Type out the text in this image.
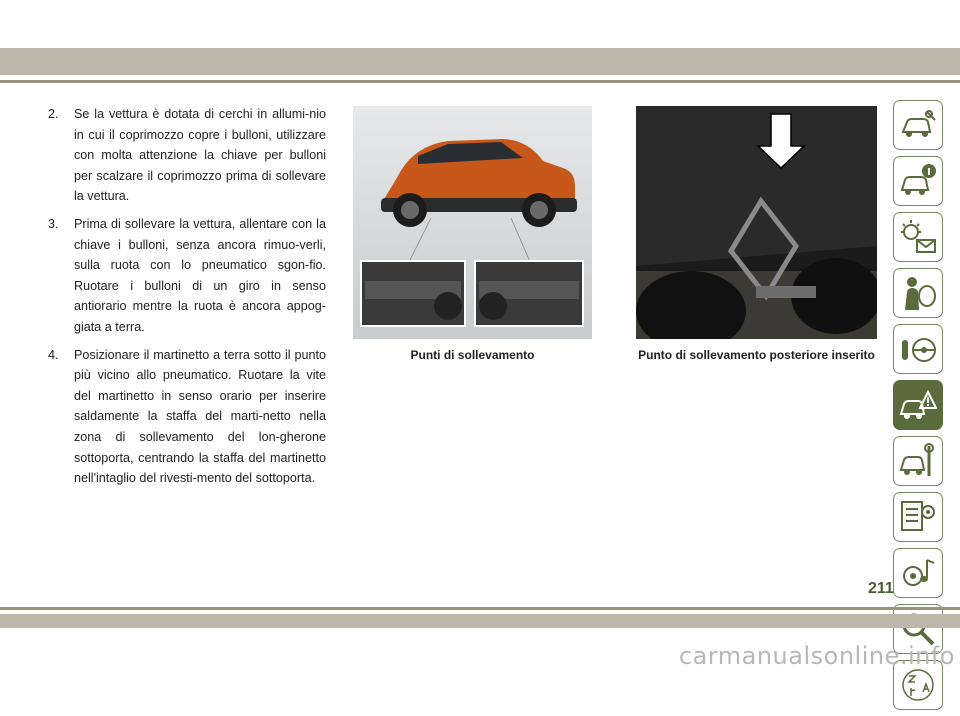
2.	Se la vettura è dotata di cerchi in allumi-nio in cui il coprimozzo copre i bulloni, utilizzare con molta attenzione la chiave per bulloni per scalzare il coprimozzo prima di sollevare la vettura.
3.	Prima di sollevare la vettura, allentare con la chiave i bulloni, senza ancora rimuo-verli, sulla ruota con lo pneumatico sgon-fio. Ruotare i bulloni di un giro in senso antiorario mentre la ruota è ancora appog-giata a terra.
4.	Posizionare il martinetto a terra sotto il punto più vicino allo pneumatico. Ruotare la vite del martinetto in senso orario per inserire saldamente la staffa del marti-netto nella zona di sollevamento del lon-gherone sottoporta, centrando la staffa del martinetto nell'intaglio del rivesti-mento del sottoporta.
Punti di sollevamento	Punto di sollevamento posteriore inserito
211
carmanualsonline.info
